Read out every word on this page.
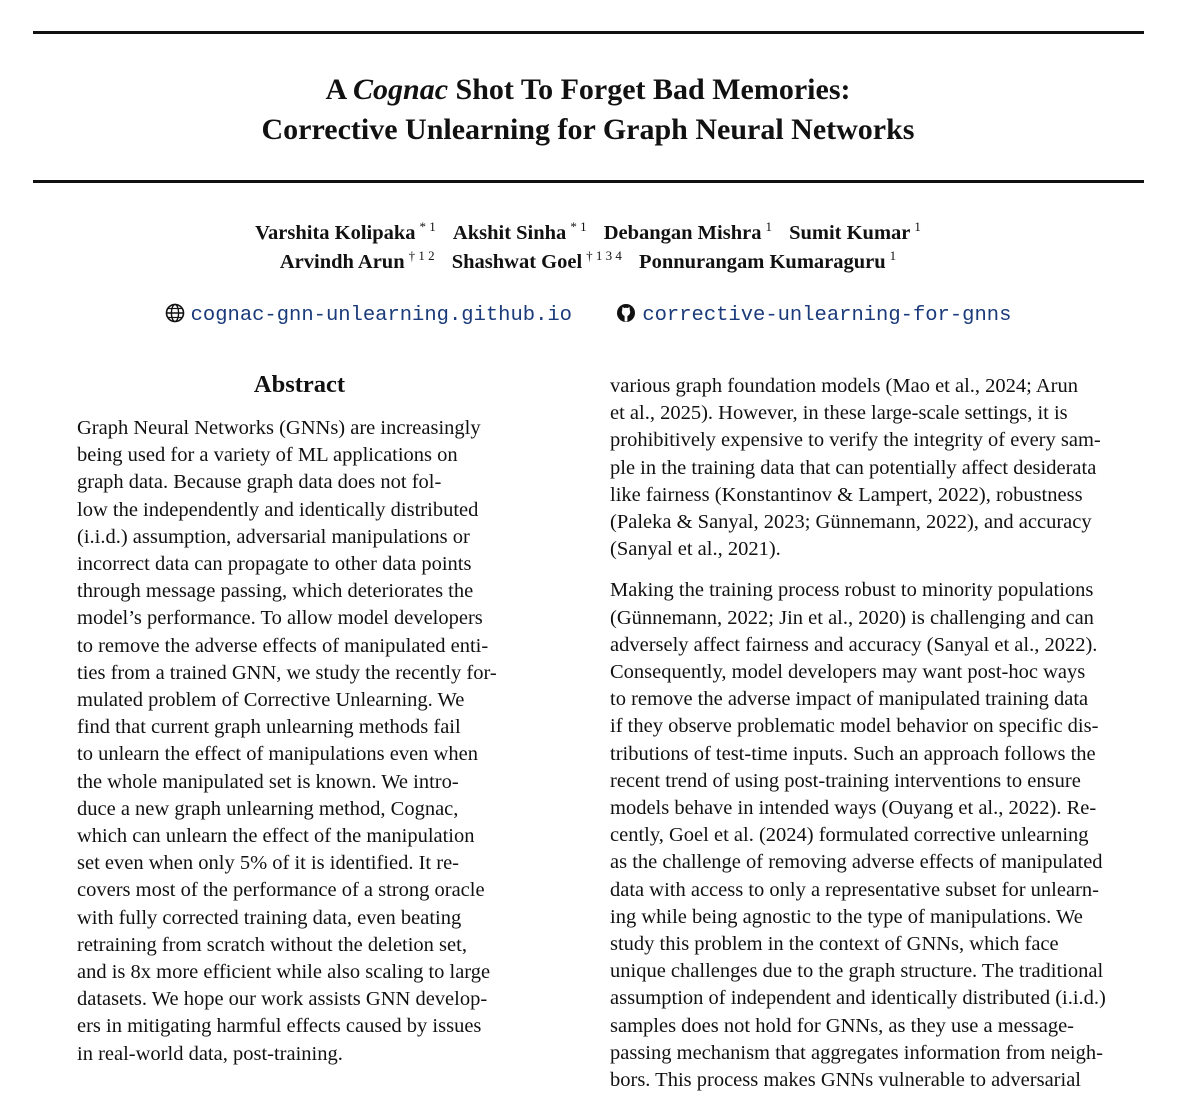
A Cognac Shot To Forget Bad Memories:
Corrective Unlearning for Graph Neural Networks
Varshita Kolipaka $^{* 1}$ Akshit Sinha $^{* 1}$ Debangan Mishra $^1$ Sumit Kumar $^1$
Arvindh Arun $^{\dagger 1 2}$ Shashwat Goel $^{\dagger 1 3 4}$ Ponnurangam Kumaraguru $^1$
cognac-gnn-unlearning.github.io	corrective-unlearning-for-gnns
Abstract
Graph Neural Networks (GNNs) are increasingly
being used for a variety of ML applications on
graph data. Because graph data does not fol-
low the independently and identically distributed
(i.i.d.) assumption, adversarial manipulations or
incorrect data can propagate to other data points
through message passing, which deteriorates the
model’s performance. To allow model developers
to remove the adverse effects of manipulated enti-
ties from a trained GNN, we study the recently for-
mulated problem of Corrective Unlearning. We
find that current graph unlearning methods fail
to unlearn the effect of manipulations even when
the whole manipulated set is known. We intro-
duce a new graph unlearning method, Cognac,
which can unlearn the effect of the manipulation
set even when only 5% of it is identified. It re-
covers most of the performance of a strong oracle
with fully corrected training data, even beating
retraining from scratch without the deletion set,
and is 8x more efficient while also scaling to large
datasets. We hope our work assists GNN develop-
ers in mitigating harmful effects caused by issues
in real-world data, post-training.
various graph foundation models (Mao et al., 2024; Arun
et al., 2025). However, in these large-scale settings, it is
prohibitively expensive to verify the integrity of every sam-
ple in the training data that can potentially affect desiderata
like fairness (Konstantinov & Lampert, 2022), robustness
(Paleka & Sanyal, 2023; Günnemann, 2022), and accuracy
(Sanyal et al., 2021).
Making the training process robust to minority populations
(Günnemann, 2022; Jin et al., 2020) is challenging and can
adversely affect fairness and accuracy (Sanyal et al., 2022).
Consequently, model developers may want post-hoc ways
to remove the adverse impact of manipulated training data
if they observe problematic model behavior on specific dis-
tributions of test-time inputs. Such an approach follows the
recent trend of using post-training interventions to ensure
models behave in intended ways (Ouyang et al., 2022). Re-
cently, Goel et al. (2024) formulated corrective unlearning
as the challenge of removing adverse effects of manipulated
data with access to only a representative subset for unlearn-
ing while being agnostic to the type of manipulations. We
study this problem in the context of GNNs, which face
unique challenges due to the graph structure. The traditional
assumption of independent and identically distributed (i.i.d.)
samples does not hold for GNNs, as they use a message-
passing mechanism that aggregates information from neigh-
bors. This process makes GNNs vulnerable to adversarial
